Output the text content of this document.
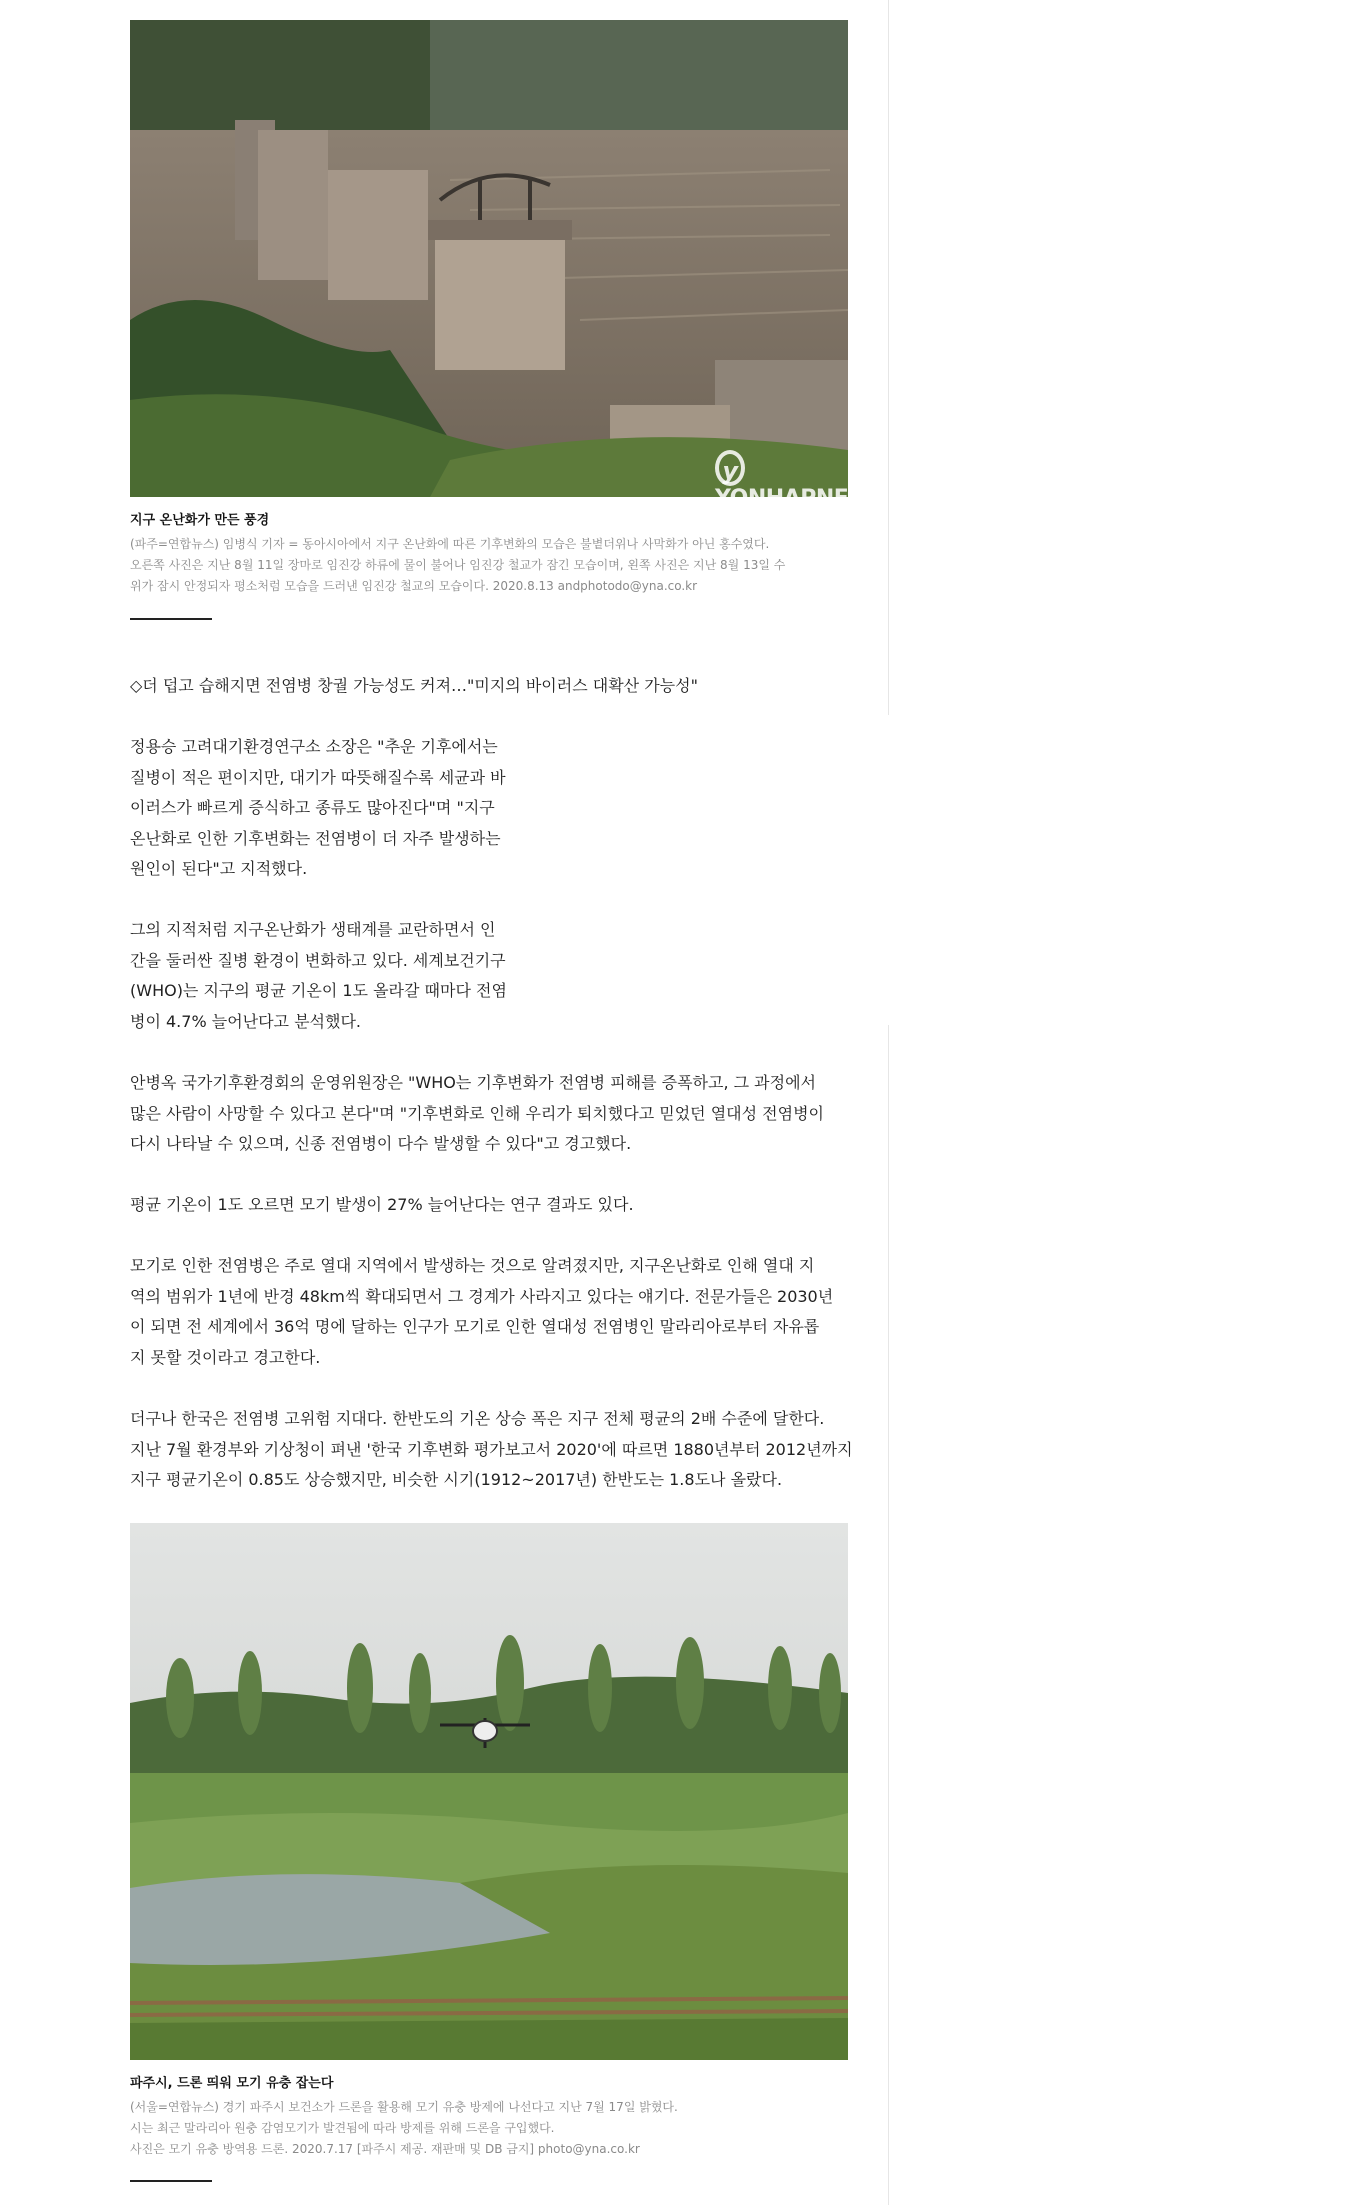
yYONHAPNEWS
지구 온난화가 만든 풍경
(파주=연합뉴스) 임병식 기자 = 동아시아에서 지구 온난화에 따른 기후변화의 모습은 불볕더위나 사막화가 아닌 홍수였다.
오른쪽 사진은 지난 8월 11일 장마로 임진강 하류에 물이 불어나 임진강 철교가 잠긴 모습이며, 왼쪽 사진은 지난 8월 13일 수
위가 잠시 안정되자 평소처럼 모습을 드러낸 임진강 철교의 모습이다. 2020.8.13 andphotodo@yna.co.kr
◇더 덥고 습해지면 전염병 창궐 가능성도 커져…"미지의 바이러스 대확산 가능성"
정용승 고려대기환경연구소 소장은 "추운 기후에서는
질병이 적은 편이지만, 대기가 따뜻해질수록 세균과 바
이러스가 빠르게 증식하고 종류도 많아진다"며 "지구
온난화로 인한 기후변화는 전염병이 더 자주 발생하는
원인이 된다"고 지적했다.
그의 지적처럼 지구온난화가 생태계를 교란하면서 인
간을 둘러싼 질병 환경이 변화하고 있다. 세계보건기구
(WHO)는 지구의 평균 기온이 1도 올라갈 때마다 전염
병이 4.7% 늘어난다고 분석했다.
안병옥 국가기후환경회의 운영위원장은 "WHO는 기후변화가 전염병 피해를 증폭하고, 그 과정에서
많은 사람이 사망할 수 있다고 본다"며 "기후변화로 인해 우리가 퇴치했다고 믿었던 열대성 전염병이
다시 나타날 수 있으며, 신종 전염병이 다수 발생할 수 있다"고 경고했다.
평균 기온이 1도 오르면 모기 발생이 27% 늘어난다는 연구 결과도 있다.
모기로 인한 전염병은 주로 열대 지역에서 발생하는 것으로 알려졌지만, 지구온난화로 인해 열대 지
역의 범위가 1년에 반경 48km씩 확대되면서 그 경계가 사라지고 있다는 얘기다. 전문가들은 2030년
이 되면 전 세계에서 36억 명에 달하는 인구가 모기로 인한 열대성 전염병인 말라리아로부터 자유롭
지 못할 것이라고 경고한다.
더구나 한국은 전염병 고위험 지대다. 한반도의 기온 상승 폭은 지구 전체 평균의 2배 수준에 달한다.
지난 7월 환경부와 기상청이 펴낸 '한국 기후변화 평가보고서 2020'에 따르면 1880년부터 2012년까지
지구 평균기온이 0.85도 상승했지만, 비슷한 시기(1912~2017년) 한반도는 1.8도나 올랐다.
파주시, 드론 띄워 모기 유충 잡는다
(서울=연합뉴스) 경기 파주시 보건소가 드론을 활용해 모기 유충 방제에 나선다고 지난 7월 17일 밝혔다.
시는 최근 말라리아 원충 감염모기가 발견됨에 따라 방제를 위해 드론을 구입했다.
사진은 모기 유충 방역용 드론. 2020.7.17 [파주시 제공. 재판매 및 DB 금지] photo@yna.co.kr
